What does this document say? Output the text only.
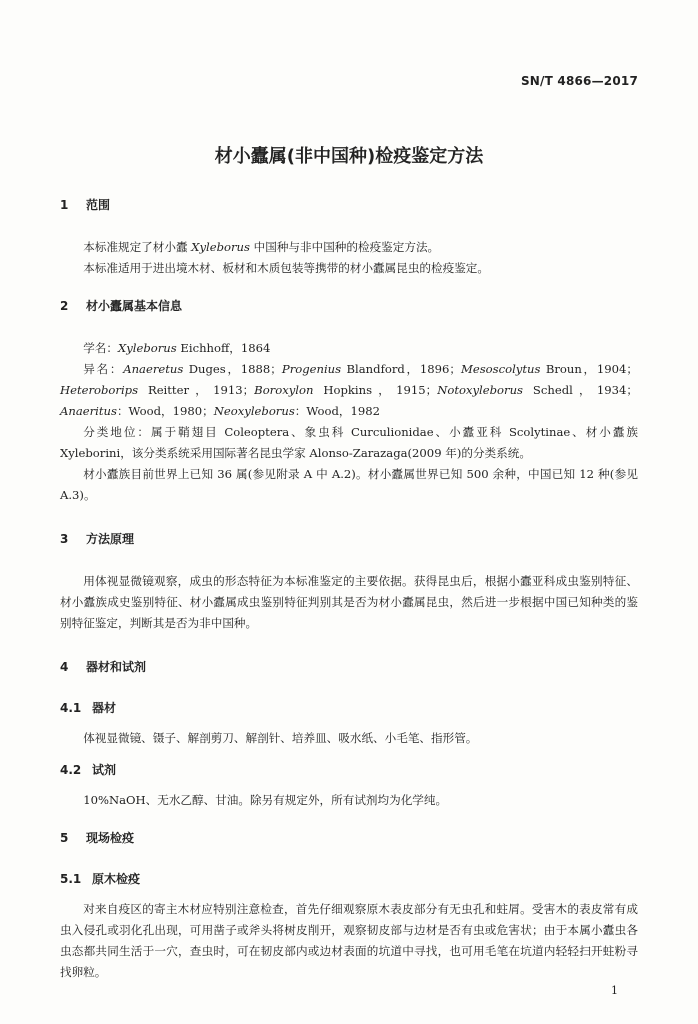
SN/T 4866—2017
材小蠹属(非中国种)检疫鉴定方法
1	范围

本标准规定了材小蠹 Xyleborus 中国种与非中国种的检疫鉴定方法。

本标准适用于进出境木材、板材和木质包装等携带的材小蠹属昆虫的检疫鉴定。

2	材小蠹属基本信息

学名：Xyleborus Eichhoff，1864

异名：Anaeretus Duges，1888；Progenius Blandford，1896；Mesoscolytus Broun，1904；Heteroborips Reitter，1913；Boroxylon Hopkins，1915；Notoxyleborus Schedl，1934；Anaeritus：Wood，1980；Neoxyleborus：Wood，1982

分类地位：属于鞘翅目 Coleoptera、象虫科 Curculionidae、小蠹亚科 Scolytinae、材小蠹族 Xyleborini，该分类系统采用国际著名昆虫学家 Alonso-Zarazaga(2009 年)的分类系统。

材小蠹族目前世界上已知 36 属(参见附录 A 中 A.2)。材小蠹属世界已知 500 余种，中国已知 12 种(参见 A.3)。

3	方法原理

用体视显微镜观察，成虫的形态特征为本标准鉴定的主要依据。获得昆虫后，根据小蠹亚科成虫鉴别特征、材小蠹族成史鉴别特征、材小蠹属成虫鉴别特征判别其是否为材小蠹属昆虫，然后进一步根据中国已知种类的鉴别特征鉴定，判断其是否为非中国种。

4	器材和试剂
4.1 器材

体视显微镜、镊子、解剖剪刀、解剖针、培养皿、吸水纸、小毛笔、指形管。

4.2 试剂

10%NaOH、无水乙醇、甘油。除另有规定外，所有试剂均为化学纯。

5	现场检疫
5.1 原木检疫

对来自疫区的寄主木材应特别注意检查，首先仔细观察原木表皮部分有无虫孔和蛀屑。受害木的表皮常有成虫入侵孔或羽化孔出现，可用凿子或斧头将树皮削开，观察韧皮部与边材是否有虫或危害状；由于本属小蠹虫各虫态都共同生活于一穴，查虫时，可在韧皮部内或边材表面的坑道中寻找，也可用毛笔在坑道内轻轻扫开蛀粉寻找卵粒。

1
